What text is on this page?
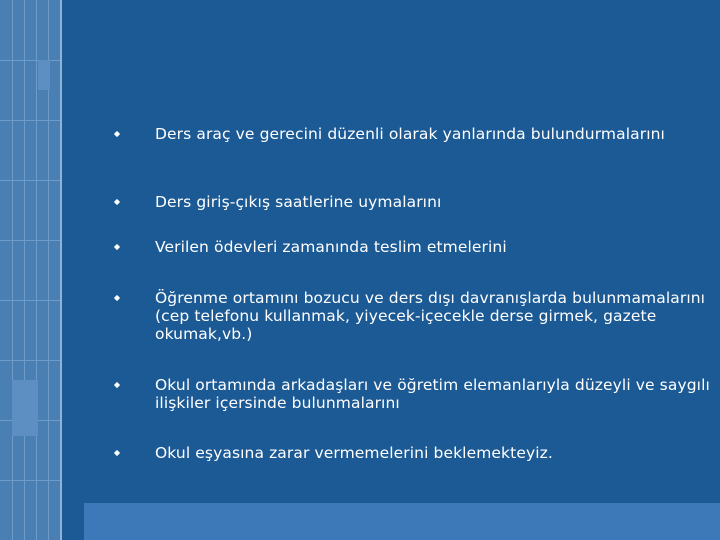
Ders araç ve gerecini düzenli olarak yanlarında bulundurmalarını
Ders giriş-çıkış saatlerine uymalarını
Verilen ödevleri zamanında teslim etmelerini
Öğrenme ortamını bozucu ve ders dışı davranışlarda bulunmamalarını (cep telefonu kullanmak, yiyecek-içecekle derse girmek, gazete okumak,vb.)
Okul ortamında arkadaşları ve öğretim elemanlarıyla düzeyli ve saygılı ilişkiler içersinde bulunmalarını
Okul eşyasına zarar vermemelerini beklemekteyiz.
